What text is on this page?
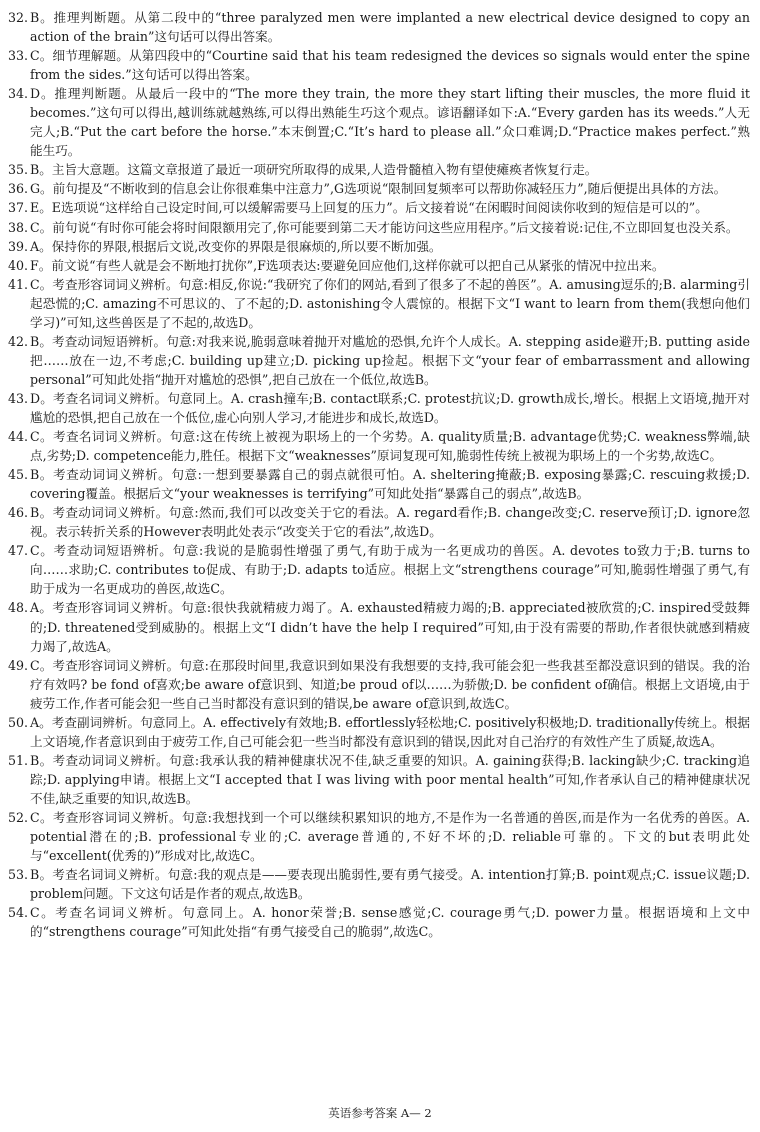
32. B。推理判断题。从第二段中的“three paralyzed men were implanted a new electrical device designed to copy an action of the brain”这句话可以得出答案。

33. C。细节理解题。从第四段中的“Courtine said that his team redesigned the devices so signals would enter the spine from the sides.”这句话可以得出答案。

34. D。推理判断题。从最后一段中的“The more they train, the more they start lifting their muscles, the more fluid it becomes.”这句可以得出,越训练就越熟练,可以得出熟能生巧这个观点。谚语翻译如下:A.“Every garden has its weeds.”人无完人;B.“Put the cart before the horse.”本末倒置;C.“It’s hard to please all.”众口难调;D.“Practice makes perfect.”熟能生巧。

35. B。主旨大意题。这篇文章报道了最近一项研究所取得的成果,人造骨髓植入物有望使瘫痪者恢复行走。

36. G。前句提及“不断收到的信息会让你很难集中注意力”,G选项说“限制回复频率可以帮助你减轻压力”,随后便提出具体的方法。

37. E。E选项说“这样给自己设定时间,可以缓解需要马上回复的压力”。后文接着说“在闲暇时间阅读你收到的短信是可以的”。

38. C。前句说“有时你可能会将时间限额用完了,你可能要到第二天才能访问这些应用程序。”后文接着说:记住,不立即回复也没关系。

39. A。保持你的界限,根据后文说,改变你的界限是很麻烦的,所以要不断加强。

40. F。前文说“有些人就是会不断地打扰你”,F选项表达:要避免回应他们,这样你就可以把自己从紧张的情况中拉出来。

41. C。考查形容词词义辨析。句意:相反,你说:“我研究了你们的网站,看到了很多了不起的兽医”。A. amusing逗乐的;B. alarming引起恐慌的;C. amazing不可思议的、了不起的;D. astonishing令人震惊的。根据下文“I want to learn from them(我想向他们学习)”可知,这些兽医是了不起的,故选D。

42. B。考查动词短语辨析。句意:对我来说,脆弱意味着抛开对尴尬的恐惧,允许个人成长。A. stepping aside避开;B. putting aside把……放在一边,不考虑;C. building up建立;D. picking up捡起。根据下文“your fear of embarrassment and allowing personal”可知此处指“抛开对尴尬的恐惧”,把自己放在一个低位,故选B。

43. D。考查名词词义辨析。句意同上。A. crash撞车;B. contact联系;C. protest抗议;D. growth成长,增长。根据上文语境,抛开对尴尬的恐惧,把自己放在一个低位,虚心向别人学习,才能进步和成长,故选D。

44. C。考查名词词义辨析。句意:这在传统上被视为职场上的一个劣势。A. quality质量;B. advantage优势;C. weakness弊端,缺点,劣势;D. competence能力,胜任。根据下文“weaknesses”原词复现可知,脆弱性传统上被视为职场上的一个劣势,故选C。

45. B。考查动词词义辨析。句意:一想到要暴露自己的弱点就很可怕。A. sheltering掩蔽;B. exposing暴露;C. rescuing救援;D. covering覆盖。根据后文“your weaknesses is terrifying”可知此处指“暴露自己的弱点”,故选B。

46. B。考查动词词义辨析。句意:然而,我们可以改变关于它的看法。A. regard看作;B. change改变;C. reserve预订;D. ignore忽视。表示转折关系的However表明此处表示“改变关于它的看法”,故选D。

47. C。考查动词短语辨析。句意:我说的是脆弱性增强了勇气,有助于成为一名更成功的兽医。A. devotes to致力于;B. turns to向……求助;C. contributes to促成、有助于;D. adapts to适应。根据上文“strengthens courage”可知,脆弱性增强了勇气,有助于成为一名更成功的兽医,故选C。

48. A。考查形容词词义辨析。句意:很快我就精疲力竭了。A. exhausted精疲力竭的;B. appreciated被欣赏的;C. inspired受鼓舞的;D. threatened受到威胁的。根据上文“I didn’t have the help I required”可知,由于没有需要的帮助,作者很快就感到精疲力竭了,故选A。

49. C。考查形容词词义辨析。句意:在那段时间里,我意识到如果没有我想要的支持,我可能会犯一些我甚至都没意识到的错误。我的治疗有效吗? be fond of喜欢;be aware of意识到、知道;be proud of以……为骄傲;D. be confident of确信。根据上文语境,由于疲劳工作,作者可能会犯一些自己当时都没有意识到的错误,be aware of意识到,故选C。

50. A。考查副词辨析。句意同上。A. effectively有效地;B. effortlessly轻松地;C. positively积极地;D. traditionally传统上。根据上文语境,作者意识到由于疲劳工作,自己可能会犯一些当时都没有意识到的错误,因此对自己治疗的有效性产生了质疑,故选A。

51. B。考查动词词义辨析。句意:我承认我的精神健康状况不佳,缺乏重要的知识。A. gaining获得;B. lacking缺少;C. tracking追踪;D. applying申请。根据上文“I accepted that I was living with poor mental health”可知,作者承认自己的精神健康状况不佳,缺乏重要的知识,故选B。

52. C。考查形容词词义辨析。句意:我想找到一个可以继续积累知识的地方,不是作为一名普通的兽医,而是作为一名优秀的兽医。A. potential潜在的;B. professional专业的;C. average普通的,不好不坏的;D. reliable可靠的。下文的but表明此处与“excellent(优秀的)”形成对比,故选C。

53. B。考查名词词义辨析。句意:我的观点是——要表现出脆弱性,要有勇气接受。A. intention打算;B. point观点;C. issue议题;D. problem问题。下文这句话是作者的观点,故选B。

54. C。考查名词词义辨析。句意同上。A. honor荣誉;B. sense感觉;C. courage勇气;D. power力量。根据语境和上文中的“strengthens courage”可知此处指“有勇气接受自己的脆弱”,故选C。

英语参考答案 A— 2
